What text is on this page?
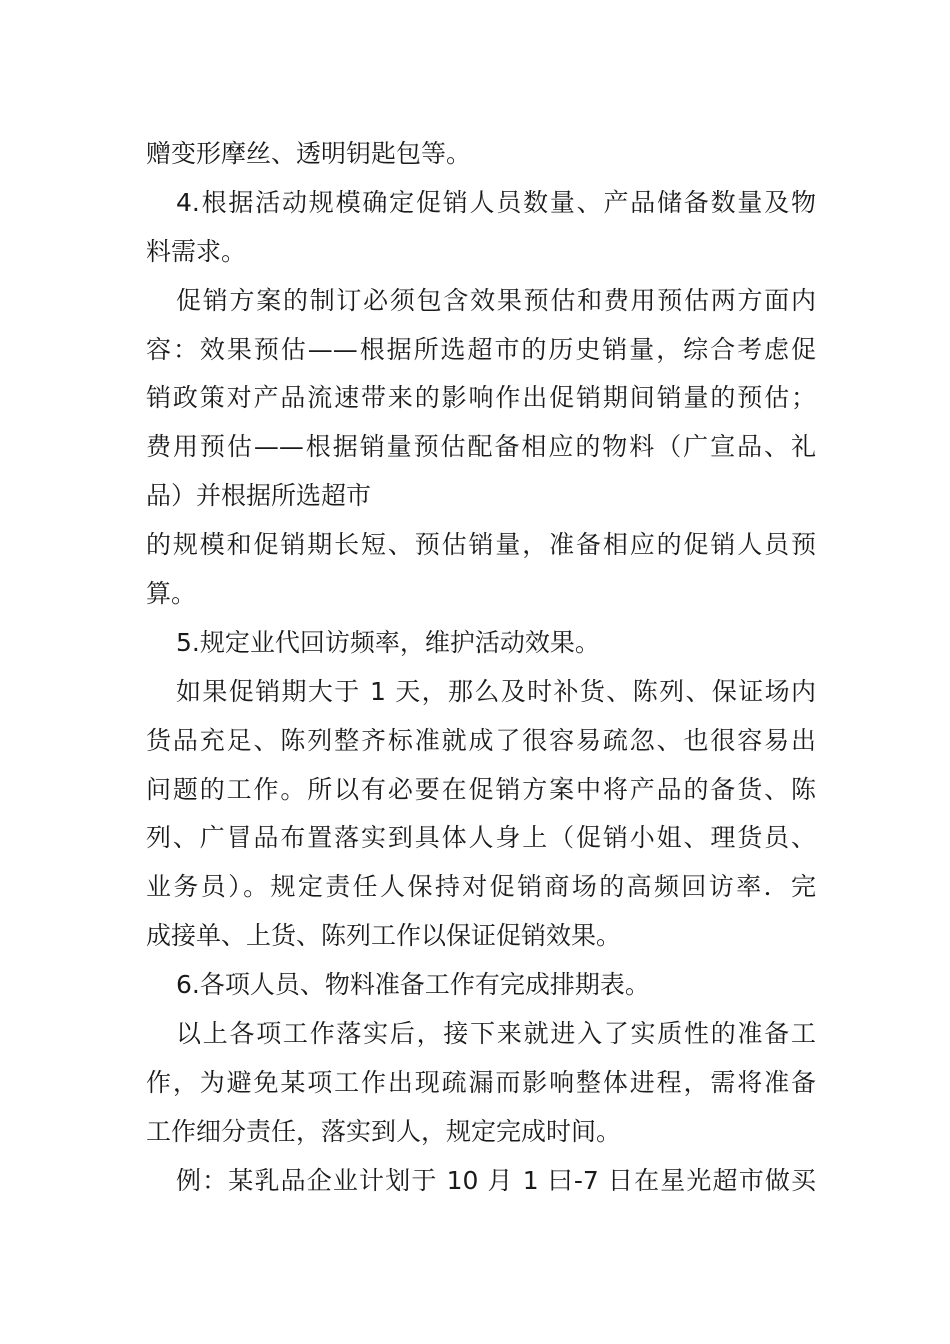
赠变形摩丝、透明钥匙包等。
4.根据活动规模确定促销人员数量、产品储备数量及物
料需求。
促销方案的制订必须包含效果预估和费用预估两方面内
容：效果预估——根据所选超市的历史销量，综合考虑促
销政策对产品流速带来的影响作出促销期间销量的预估；
费用预估——根据销量预估配备相应的物料（广宣品、礼
品）并根据所选超市
的规模和促销期长短、预估销量，准备相应的促销人员预
算。
5.规定业代回访频率，维护活动效果。
如果促销期大于 1 天，那么及时补货、陈列、保证场内
货品充足、陈列整齐标准就成了很容易疏忽、也很容易出
问题的工作。所以有必要在促销方案中将产品的备货、陈
列、广冒品布置落实到具体人身上（促销小姐、理货员、
业务员）。规定责任人保持对促销商场的高频回访率．完
成接单、上货、陈列工作以保证促销效果。
6.各项人员、物料准备工作有完成排期表。
以上各项工作落实后，接下来就进入了实质性的准备工
作，为避免某项工作出现疏漏而影响整体进程，需将准备
工作细分责任，落实到人，规定完成时间。
例：某乳品企业计划于 10 月 1 曰-7 日在星光超市做买
